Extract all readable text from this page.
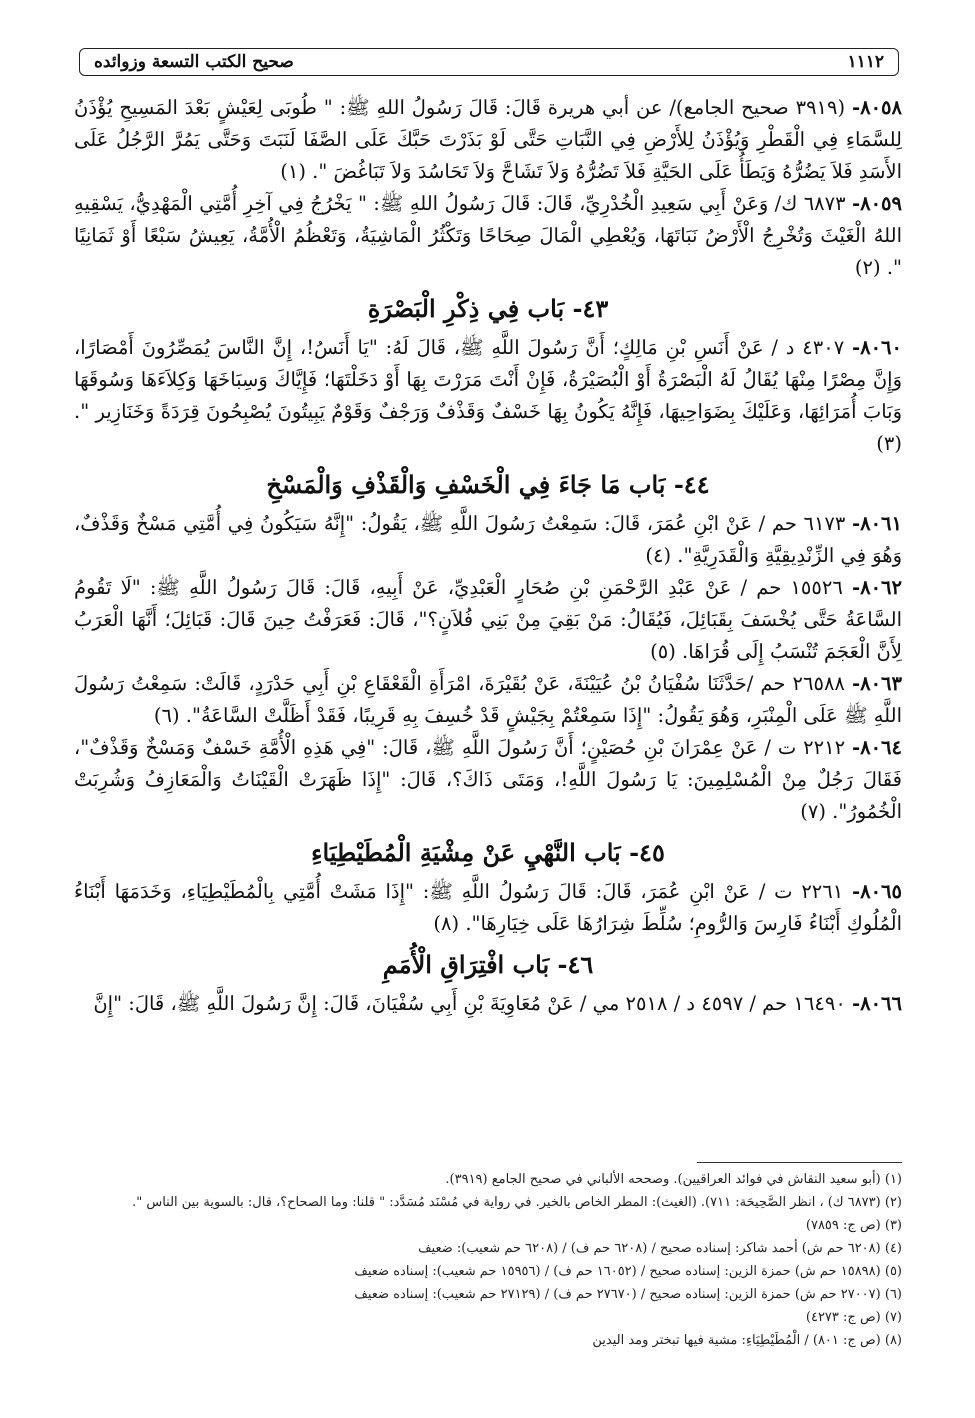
١١١٢
صحيح الكتب التسعة وزوائده

٨٠٥٨- (٣٩١٩ صحيح الجامع)/ عن أبي هريرة قَالَ: قَالَ رَسُولُ اللهِ ﷺ: " طُوبَى لِعَيْشٍ بَعْدَ المَسِيحِ يُؤْذَنُ لِلسَّمَاءِ فِي الْقَطْرِ وَيُؤْذَنُ لِلأَرْضِ فِي النَّبَاتِ حَتَّى لَوْ بَذَرْتَ حَبَّكَ عَلَى الصَّفَا لَنَبَتَ وَحَتَّى يَمُرَّ الرَّجُلُ عَلَى الأَسَدِ فَلاَ يَضُرُّهُ وَيَطَأُ عَلَى الحَيَّةِ فَلاَ تَضُرُّهُ وَلاَ تَشَاحَّ وَلاَ تَحَاسُدَ وَلاَ تَبَاغُضَ ". (١)

٨٠٥٩- ٦٨٧٣ ك/ وَعَنْ أَبِي سَعِيدِ الْخُدْرِيِّ، قَالَ: قَالَ رَسُولُ اللهِ ﷺ: " يَخْرُجُ فِي آخِرِ أُمَّتِي الْمَهْدِيُّ، يَسْقِيهِ اللهُ الْغَيْثَ وَتُخْرِجُ الْأَرْضُ نَبَاتَهَا، وَيُعْطِي الْمَالَ صِحَاحًا وَتَكْثُرُ الْمَاشِيَةُ، وَتَعْظُمُ الْأُمَّةُ، يَعِيشُ سَبْعًا أَوْ ثَمَانِيًا ". (٢)

٤٣- بَاب فِي ذِكْرِ الْبَصْرَةِ

٨٠٦٠- ٤٣٠٧ د / عَنْ أَنَسِ بْنِ مَالِكٍ؛ أَنَّ رَسُولَ اللَّهِ ﷺ، قَالَ لَهُ: "يَا أَنَسُ!، إِنَّ النَّاسَ يُمَصِّرُونَ أَمْصَارًا، وَإِنَّ مِصْرًا مِنْهَا يُقَالُ لَهُ الْبَصْرَةُ أَوْ الْبُصَيْرَةُ، فَإِنْ أَنْتَ مَرَرْتَ بِهَا أَوْ دَخَلْتَهَا؛ فَإِيَّاكَ وَسِبَاخَهَا وَكِلاَءَهَا وَسُوقَهَا وَبَابَ أُمَرَائِهَا، وَعَلَيْكَ بِضَوَاحِيهَا، فَإِنَّهُ يَكُونُ بِهَا خَسْفٌ وَقَذْفٌ وَرَجْفٌ وَقَوْمٌ يَبِيتُونَ يُصْبِحُونَ قِرَدَةً وَخَنَازِير ". (٣)

٤٤- بَاب مَا جَاءَ فِي الْخَسْفِ وَالْقَذْفِ وَالْمَسْخِ

٨٠٦١- ٦١٧٣ حم / عَنْ ابْنِ عُمَرَ، قَالَ: سَمِعْتُ رَسُولَ اللَّهِ ﷺ، يَقُولُ: "إِنَّهُ سَيَكُونُ فِي أُمَّتِي مَسْخٌ وَقَذْفٌ، وَهُوَ فِي الزِّنْدِيقِيَّةِ وَالْقَدَرِيَّةِ". (٤)

٨٠٦٢- ١٥٥٢٦ حم / عَنْ عَبْدِ الرَّحْمَنِ بْنِ صُحَارٍ الْعَبْدِيِّ، عَنْ أَبِيهِ، قَالَ: قَالَ رَسُولُ اللَّهِ ﷺ: "لَا تَقُومُ السَّاعَةُ حَتَّى يُخْسَفَ بِقَبَائِلَ، فَيُقَالُ: مَنْ بَقِيَ مِنْ بَنِي فُلاَنٍ؟"، قَالَ: فَعَرَفْتُ حِينَ قَالَ: قَبَائِلَ؛ أَنَّهَا الْعَرَبُ لِأَنَّ الْعَجَمَ تُنْسَبُ إِلَى قُرَاهَا. (٥)

٨٠٦٣- ٢٦٥٨٨ حم /حَدَّثَنَا سُفْيَانُ بْنُ عُيَيْنَةَ، عَنْ بُقَيْرَةَ، امْرَأَةِ الْقَعْقَاعِ بْنِ أَبِي حَدْرَدٍ، قَالَتْ: سَمِعْتُ رَسُولَ اللَّهِ ﷺ عَلَى الْمِنْبَرِ، وَهُوَ يَقُولُ: "إِذَا سَمِعْتُمْ بِجَيْشٍ قَدْ خُسِفَ بِهِ قَرِيبًا، فَقَدْ أَظَلَّتْ السَّاعَةُ". (٦)

٨٠٦٤- ٢٢١٢ ت / عَنْ عِمْرَانَ بْنِ حُصَيْنٍ؛ أَنَّ رَسُولَ اللَّهِ ﷺ، قَالَ: "فِي هَذِهِ الْأُمَّةِ خَسْفٌ وَمَسْخٌ وَقَذْفٌ"، فَقَالَ رَجُلٌ مِنْ الْمُسْلِمِينَ: يَا رَسُولَ اللَّهِ!، وَمَتَى ذَاكَ؟، قَالَ: "إِذَا ظَهَرَتْ الْقَيْنَاتُ وَالْمَعَازِفُ وَشُرِبَتْ الْخُمُورُ". (٧)

٤٥- بَاب النَّهْيِ عَنْ مِشْيَةِ الْمُطَيْطِيَاءِ

٨٠٦٥- ٢٢٦١ ت / عَنْ ابْنِ عُمَرَ، قَالَ: قَالَ رَسُولُ اللَّهِ ﷺ: "إِذَا مَشَتْ أُمَّتِي بِالْمُطَيْطِيَاءِ، وَخَدَمَهَا أَبْنَاءُ الْمُلُوكِ أَبْنَاءُ فَارِسَ وَالرُّومِ؛ سُلِّطَ شِرَارُهَا عَلَى خِيَارِهَا". (٨)

٤٦- بَاب افْتِرَاقِ الْأُمَمِ

٨٠٦٦- ١٦٤٩٠ حم / ٤٥٩٧ د / ٢٥١٨ مي / عَنْ مُعَاوِيَةَ بْنِ أَبِي سُفْيَانَ، قَالَ: إِنَّ رَسُولَ اللَّهِ ﷺ، قَالَ: "إِنَّ

(١) (أبو سعيد النقاش في فوائد العراقيين). وصححه الألباني في صحيح الجامع (٣٩١٩).

(٢) (٦٨٧٣ ك) ، انظر الصَّحِيحَة: ٧١١). (الغيث): المطر الخاص بالخير. في رواية في مُسْنَد مُسَدَّد: " قلنا: وما الصحاح؟، قال: بالسوية بين الناس ".

(٣) (ص ج: ٧٨٥٩)

(٤) (٦٢٠٨ حم ش) أحمد شاكر: إسناده صحيح / (٦٢٠٨ حم ف) / (٦٢٠٨ حم شعيب): ضعيف

(٥) (١٥٨٩٨ حم ش) حمزة الزين: إسناده صحيح / (١٦٠٥٢ حم ف) / (١٥٩٥٦ حم شعيب): إسناده ضعيف

(٦) (٢٧٠٠٧ حم ش) حمزة الزين: إسناده صحيح / (٢٧٦٧٠ حم ف) / (٢٧١٢٩ حم شعيب): إسناده ضعيف

(٧) (ص ج: ٤٢٧٣)

(٨) (ص ج: ٨٠١) / الْمُطَيْطِيَاءِ: مشية فيها تبختر ومد اليدين
